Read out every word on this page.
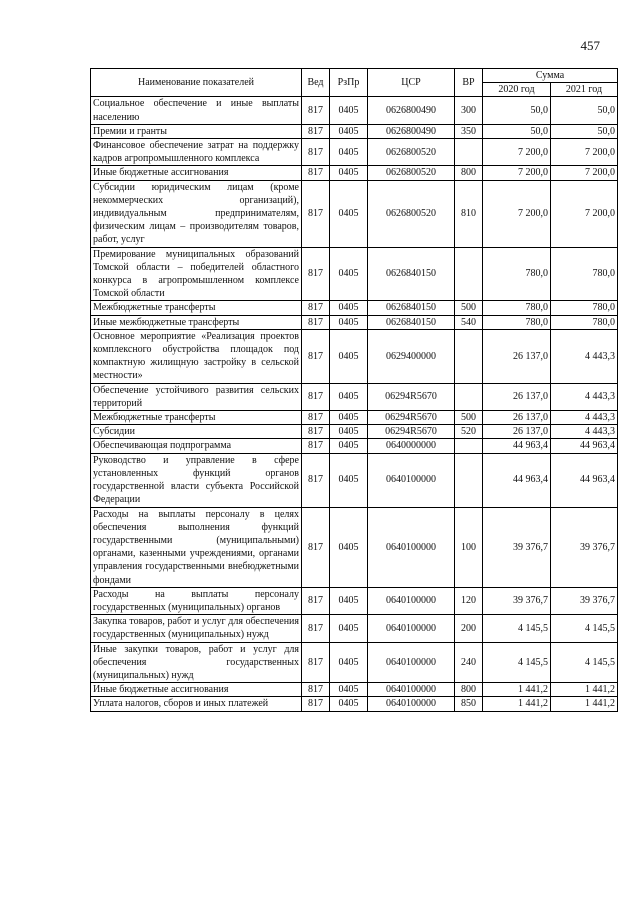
457
Наименование показателей	Вед	РзПр	ЦСР	ВР	Сумма	
					2020 год	2021 год
Социальное обеспечение и иные выплаты населению	817	0405	0626800490	300	50,0	50,0
Премии и гранты	817	0405	0626800490	350	50,0	50,0
Финансовое обеспечение затрат на поддержку кадров агропромышленного комплекса	817	0405	0626800520		7 200,0	7 200,0
Иные бюджетные ассигнования	817	0405	0626800520	800	7 200,0	7 200,0
Субсидии юридическим лицам (кроме некоммерческих организаций), индивидуальным предпринимателям, физическим лицам – производителям товаров, работ, услуг	817	0405	0626800520	810	7 200,0	7 200,0
Премирование муниципальных образований Томской области – победителей областного конкурса в агропромышленном комплексе Томской области	817	0405	0626840150		780,0	780,0
Межбюджетные трансферты	817	0405	0626840150	500	780,0	780,0
Иные межбюджетные трансферты	817	0405	0626840150	540	780,0	780,0
Основное мероприятие «Реализация проектов комплексного обустройства площадок под компактную жилищную застройку в сельской местности»	817	0405	0629400000		26 137,0	4 443,3
Обеспечение устойчивого развития сельских территорий	817	0405	06294R5670		26 137,0	4 443,3
Межбюджетные трансферты	817	0405	06294R5670	500	26 137,0	4 443,3
Субсидии	817	0405	06294R5670	520	26 137,0	4 443,3
Обеспечивающая подпрограмма	817	0405	0640000000		44 963,4	44 963,4
Руководство и управление в сфере установленных функций органов государственной власти субъекта Российской Федерации	817	0405	0640100000		44 963,4	44 963,4
Расходы на выплаты персоналу в целях обеспечения выполнения функций государственными (муниципальными) органами, казенными учреждениями, органами управления государственными внебюджетными фондами	817	0405	0640100000	100	39 376,7	39 376,7
Расходы на выплаты персоналу государственных (муниципальных) органов	817	0405	0640100000	120	39 376,7	39 376,7
Закупка товаров, работ и услуг для обеспечения государственных (муниципальных) нужд	817	0405	0640100000	200	4 145,5	4 145,5
Иные закупки товаров, работ и услуг для обеспечения государственных (муниципальных) нужд	817	0405	0640100000	240	4 145,5	4 145,5
Иные бюджетные ассигнования	817	0405	0640100000	800	1 441,2	1 441,2
Уплата налогов, сборов и иных платежей	817	0405	0640100000	850	1 441,2	1 441,2
